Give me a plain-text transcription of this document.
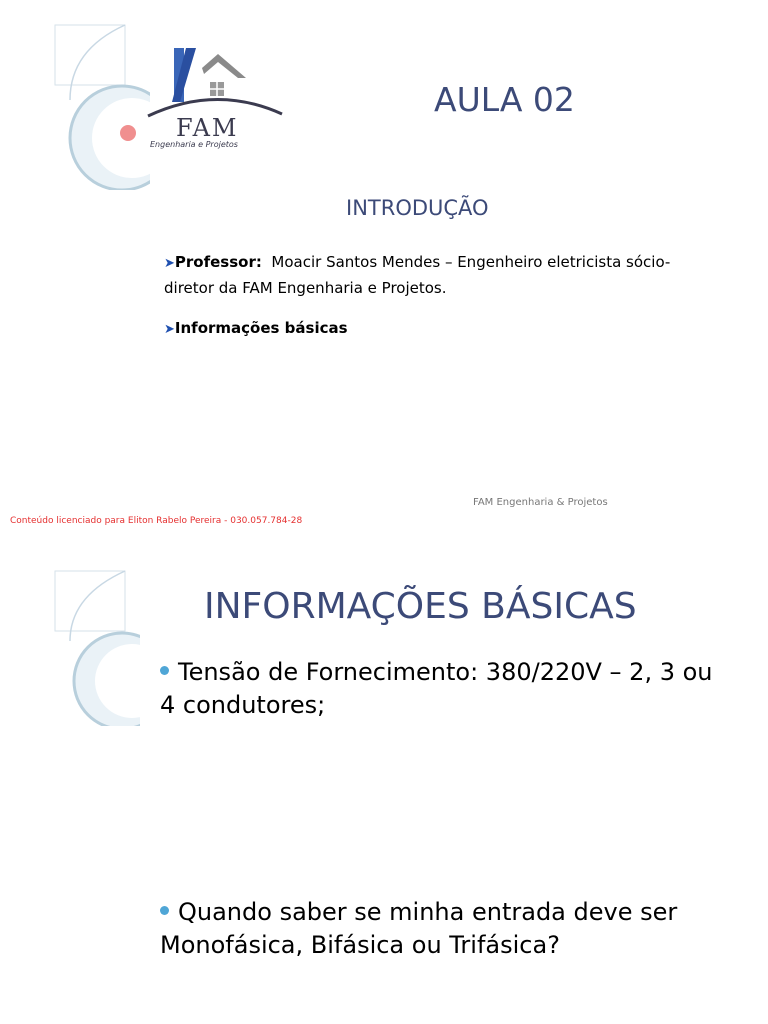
FAM
Engenharia e Projetos
AULA 02
INTRODUÇÃO
➤Professor: Moacir Santos Mendes – Engenheiro eletricista sócio-diretor da FAM Engenharia e Projetos.
➤Informações básicas
FAM Engenharia & Projetos
Conteúdo licenciado para Eliton Rabelo Pereira - 030.057.784-28
INFORMAÇÕES BÁSICAS
Tensão de Fornecimento: 380/220V – 2, 3 ou 4 condutores;
Quando saber se minha entrada deve ser Monofásica, Bifásica ou Trifásica?
